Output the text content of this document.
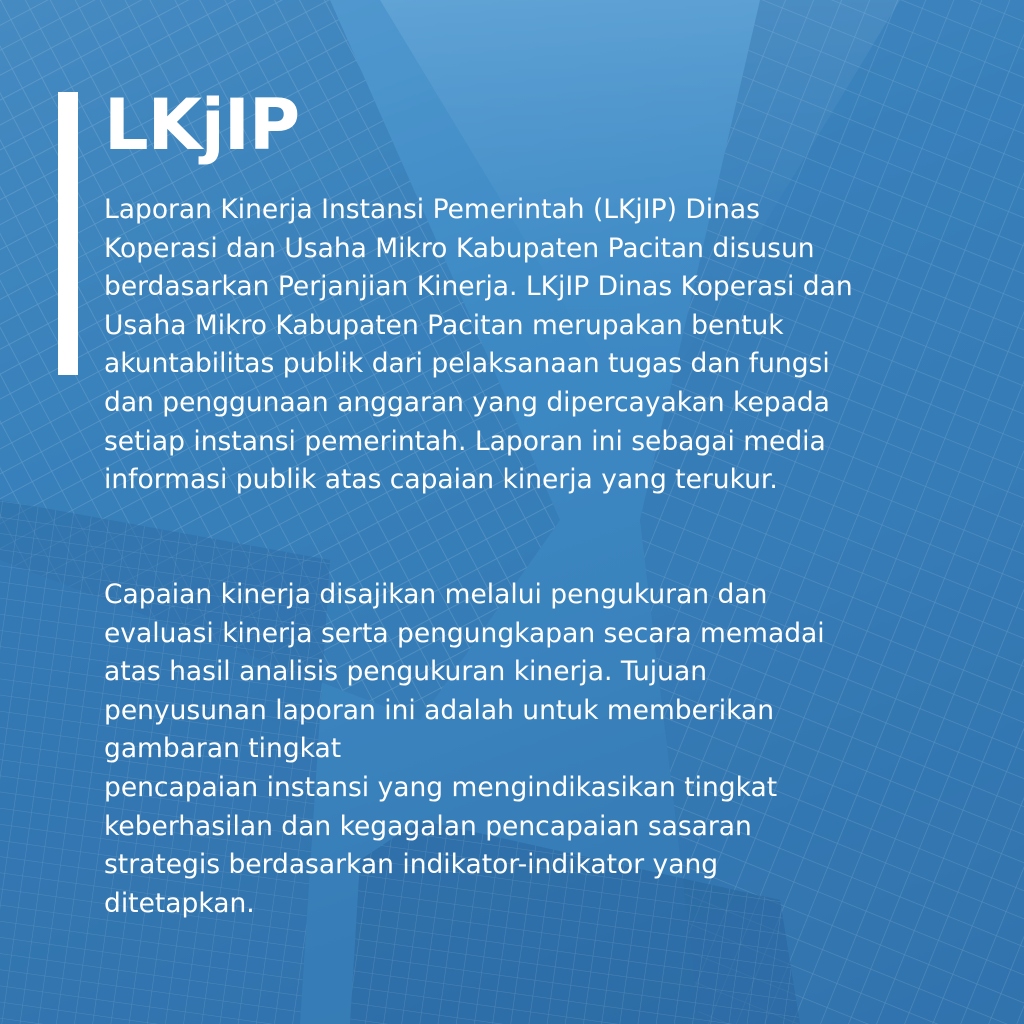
LKjIP

Laporan Kinerja Instansi Pemerintah (LKjIP) Dinas
Koperasi dan Usaha Mikro Kabupaten Pacitan disusun
berdasarkan Perjanjian Kinerja. LKjIP Dinas Koperasi dan
Usaha Mikro Kabupaten Pacitan merupakan bentuk
akuntabilitas publik dari pelaksanaan tugas dan fungsi
dan penggunaan anggaran yang dipercayakan kepada
setiap instansi pemerintah. Laporan ini sebagai media
informasi publik atas capaian kinerja yang terukur.

Capaian kinerja disajikan melalui pengukuran dan
evaluasi kinerja serta pengungkapan secara memadai
atas hasil analisis pengukuran kinerja. Tujuan
penyusunan laporan ini adalah untuk memberikan
gambaran tingkat
pencapaian instansi yang mengindikasikan tingkat
keberhasilan dan kegagalan pencapaian sasaran
strategis berdasarkan indikator-indikator yang
ditetapkan.
